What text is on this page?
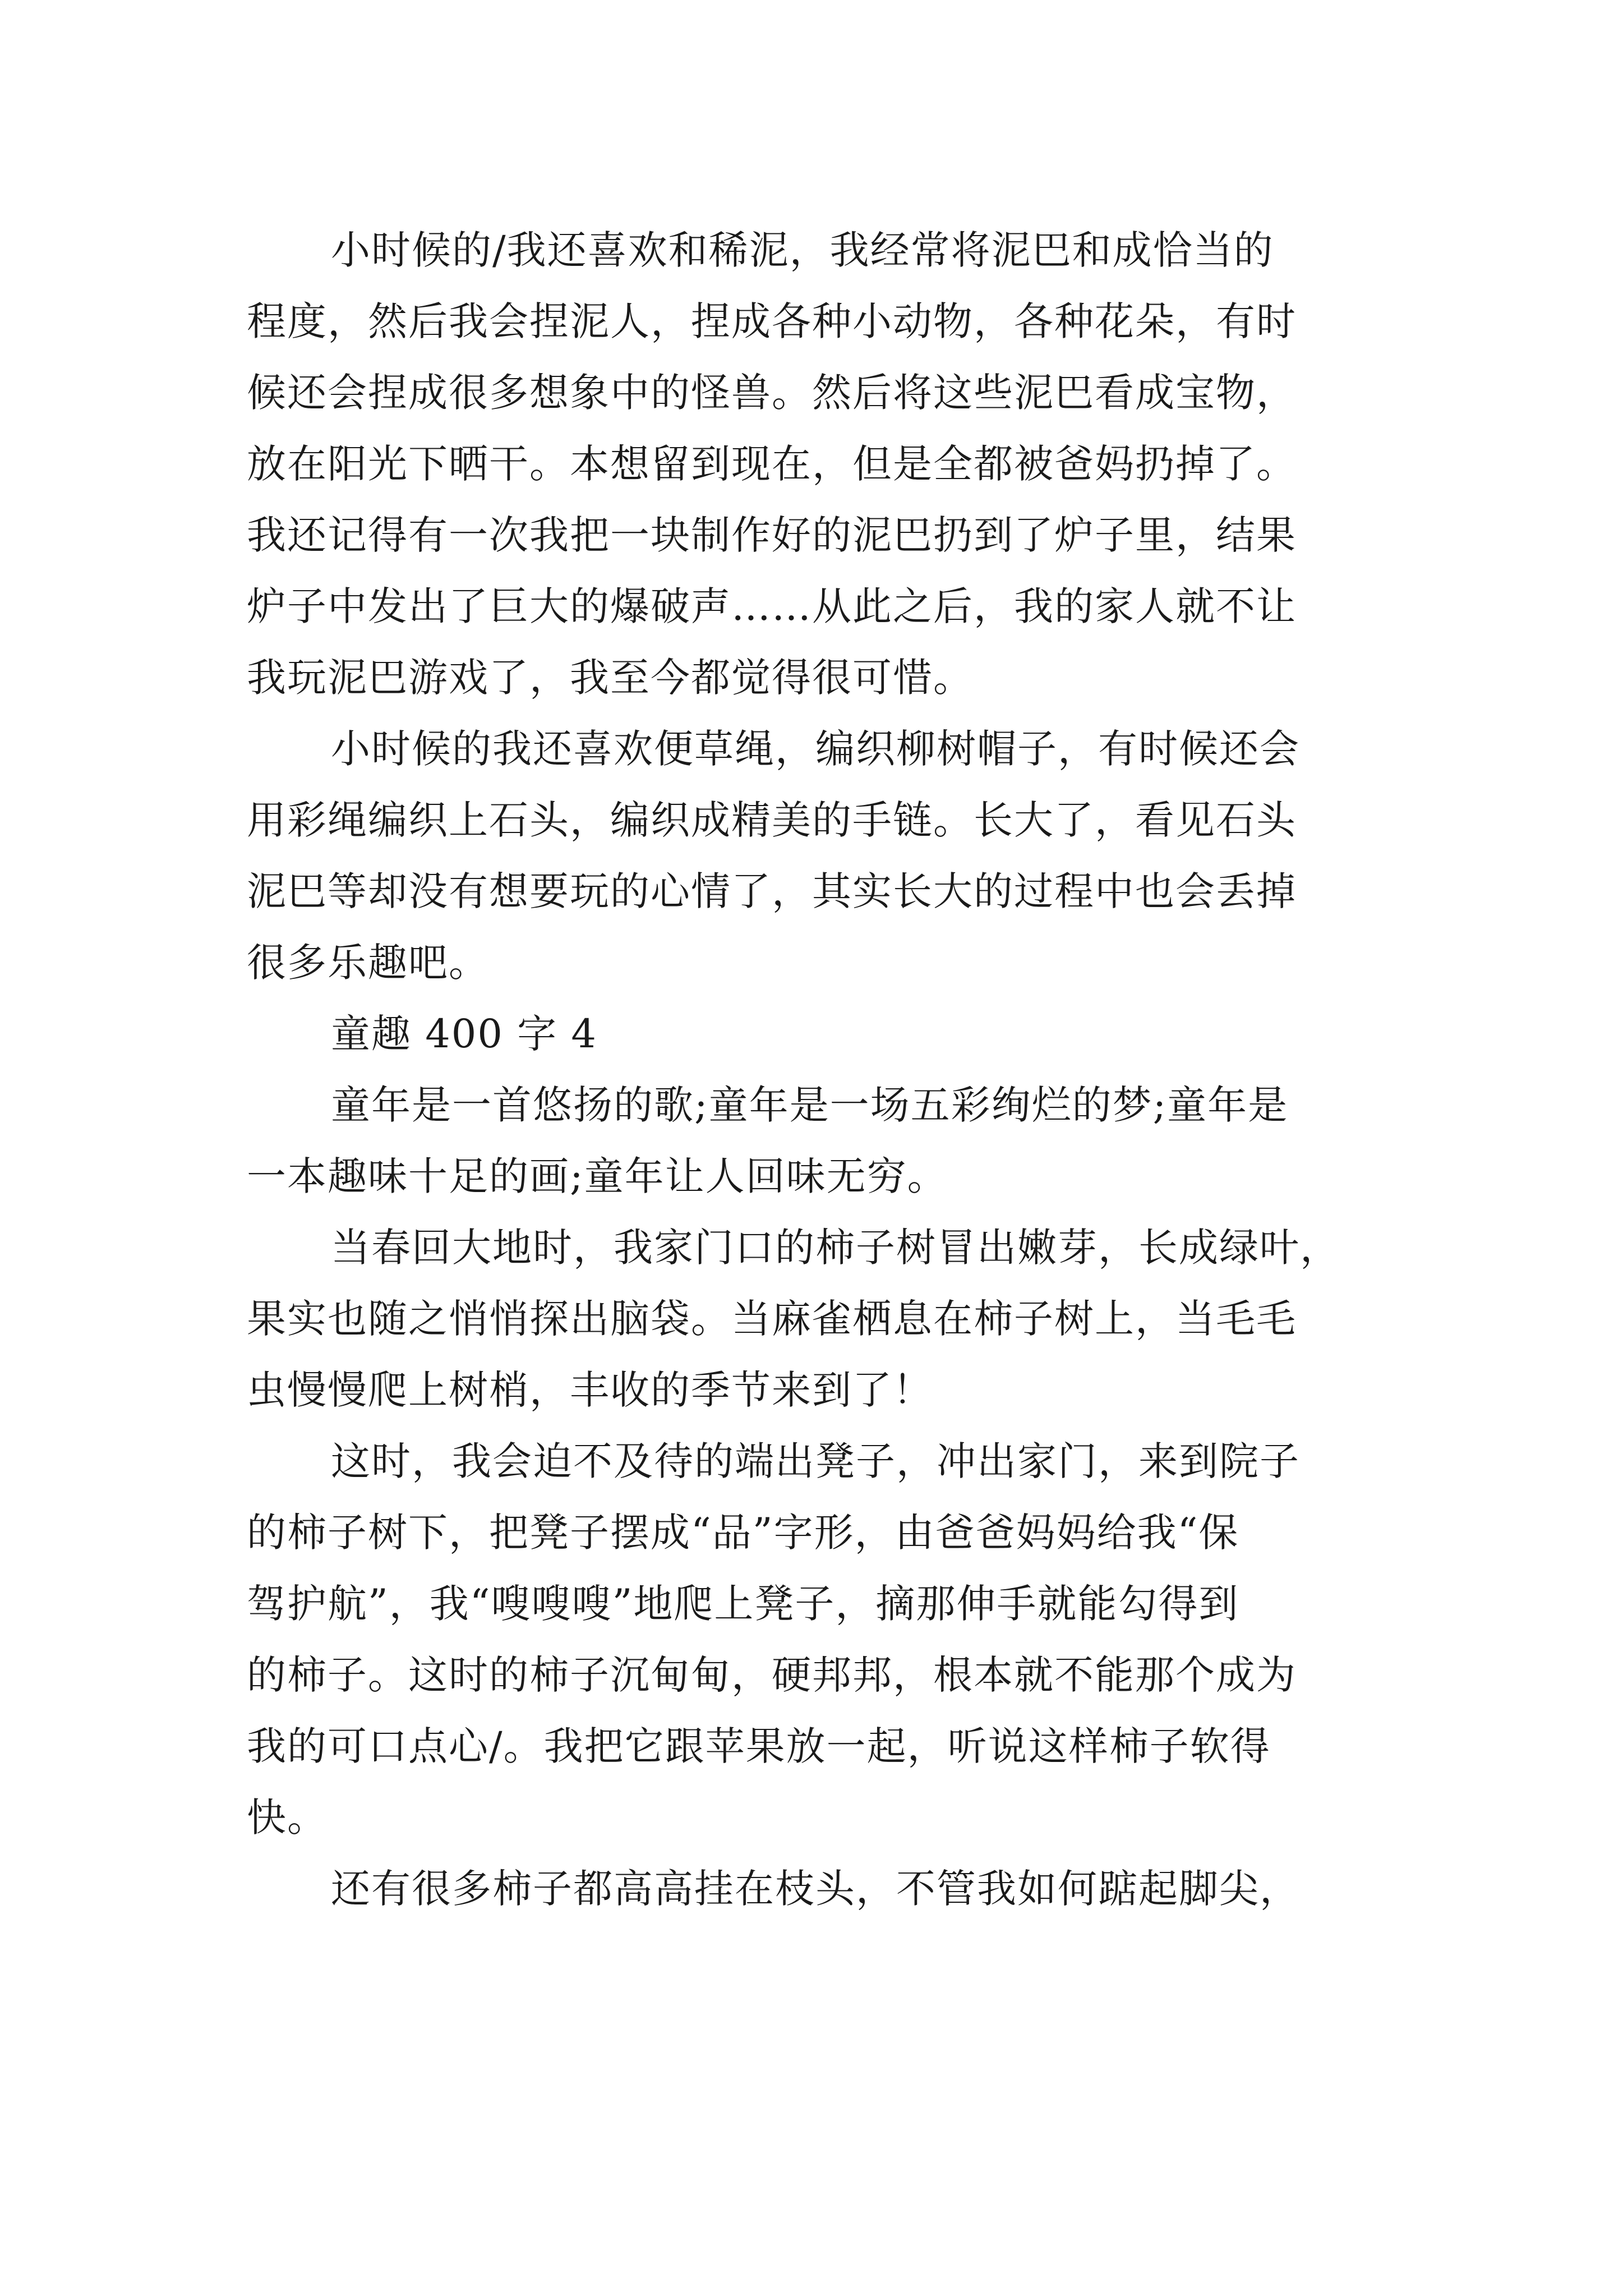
小时候的/我还喜欢和稀泥，我经常将泥巴和成恰当的
程度，然后我会捏泥人，捏成各种小动物，各种花朵，有时
候还会捏成很多想象中的怪兽。然后将这些泥巴看成宝物，
放在阳光下晒干。本想留到现在，但是全都被爸妈扔掉了。
我还记得有一次我把一块制作好的泥巴扔到了炉子里，结果
炉子中发出了巨大的爆破声……从此之后，我的家人就不让
我玩泥巴游戏了，我至今都觉得很可惜。

小时候的我还喜欢便草绳，编织柳树帽子，有时候还会
用彩绳编织上石头，编织成精美的手链。长大了，看见石头
泥巴等却没有想要玩的心情了，其实长大的过程中也会丢掉
很多乐趣吧。

童趣 400 字 4

童年是一首悠扬的歌;童年是一场五彩绚烂的梦;童年是
一本趣味十足的画;童年让人回味无穷。

当春回大地时，我家门口的柿子树冒出嫩芽，长成绿叶，
果实也随之悄悄探出脑袋。当麻雀栖息在柿子树上，当毛毛
虫慢慢爬上树梢，丰收的季节来到了！

这时，我会迫不及待的端出凳子，冲出家门，来到院子
的柿子树下，把凳子摆成“品”字形，由爸爸妈妈给我“保
驾护航”，我“嗖嗖嗖”地爬上凳子，摘那伸手就能勾得到
的柿子。这时的柿子沉甸甸，硬邦邦，根本就不能那个成为
我的可口点心/。我把它跟苹果放一起，听说这样柿子软得
快。

还有很多柿子都高高挂在枝头，不管我如何踮起脚尖，
